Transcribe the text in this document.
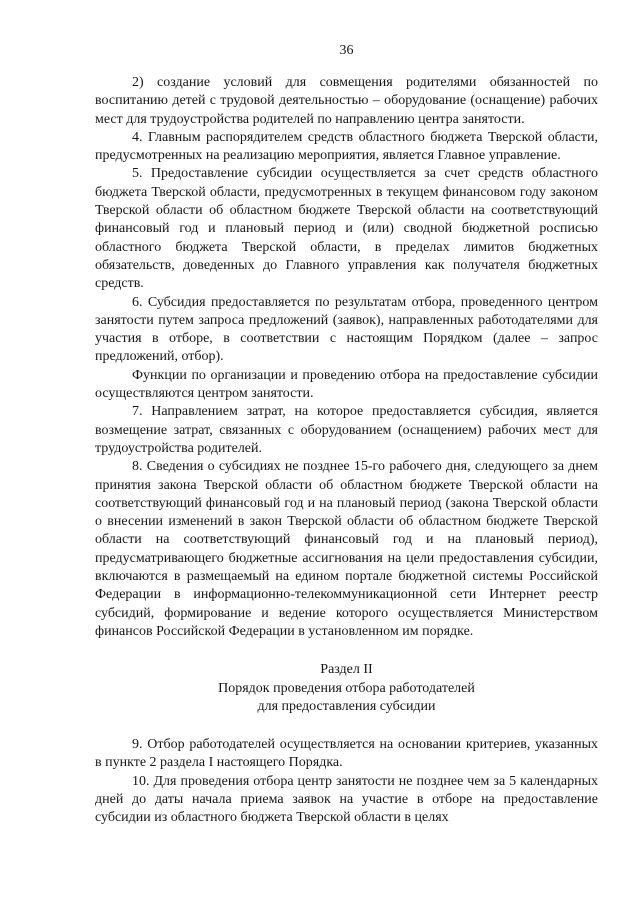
36

2) создание условий для совмещения родителями обязанностей по воспитанию детей с трудовой деятельностью – оборудование (оснащение) рабочих мест для трудоустройства родителей по направлению центра занятости.

4. Главным распорядителем средств областного бюджета Тверской области, предусмотренных на реализацию мероприятия, является Главное управление.

5. Предоставление субсидии осуществляется за счет средств областного бюджета Тверской области, предусмотренных в текущем финансовом году законом Тверской области об областном бюджете Тверской области на соответствующий финансовый год и плановый период и (или) сводной бюджетной росписью областного бюджета Тверской области, в пределах лимитов бюджетных обязательств, доведенных до Главного управления как получателя бюджетных средств.

6. Субсидия предоставляется по результатам отбора, проведенного центром занятости путем запроса предложений (заявок), направленных работодателями для участия в отборе, в соответствии с настоящим Порядком (далее – запрос предложений, отбор).

Функции по организации и проведению отбора на предоставление субсидии осуществляются центром занятости.

7. Направлением затрат, на которое предоставляется субсидия, является возмещение затрат, связанных с оборудованием (оснащением) рабочих мест для трудоустройства родителей.

8. Сведения о субсидиях не позднее 15-го рабочего дня, следующего за днем принятия закона Тверской области об областном бюджете Тверской области на соответствующий финансовый год и на плановый период (закона Тверской области о внесении изменений в закон Тверской области об областном бюджете Тверской области на соответствующий финансовый год и на плановый период), предусматривающего бюджетные ассигнования на цели предоставления субсидии, включаются в размещаемый на едином портале бюджетной системы Российской Федерации в информационно-телекоммуникационной сети Интернет реестр субсидий, формирование и ведение которого осуществляется Министерством финансов Российской Федерации в установленном им порядке.

Раздел II

Порядок проведения отбора работодателей

для предоставления субсидии

9. Отбор работодателей осуществляется на основании критериев, указанных в пункте 2 раздела I настоящего Порядка.

10. Для проведения отбора центр занятости не позднее чем за 5 календарных дней до даты начала приема заявок на участие в отборе на предоставление субсидии из областного бюджета Тверской области в целях
